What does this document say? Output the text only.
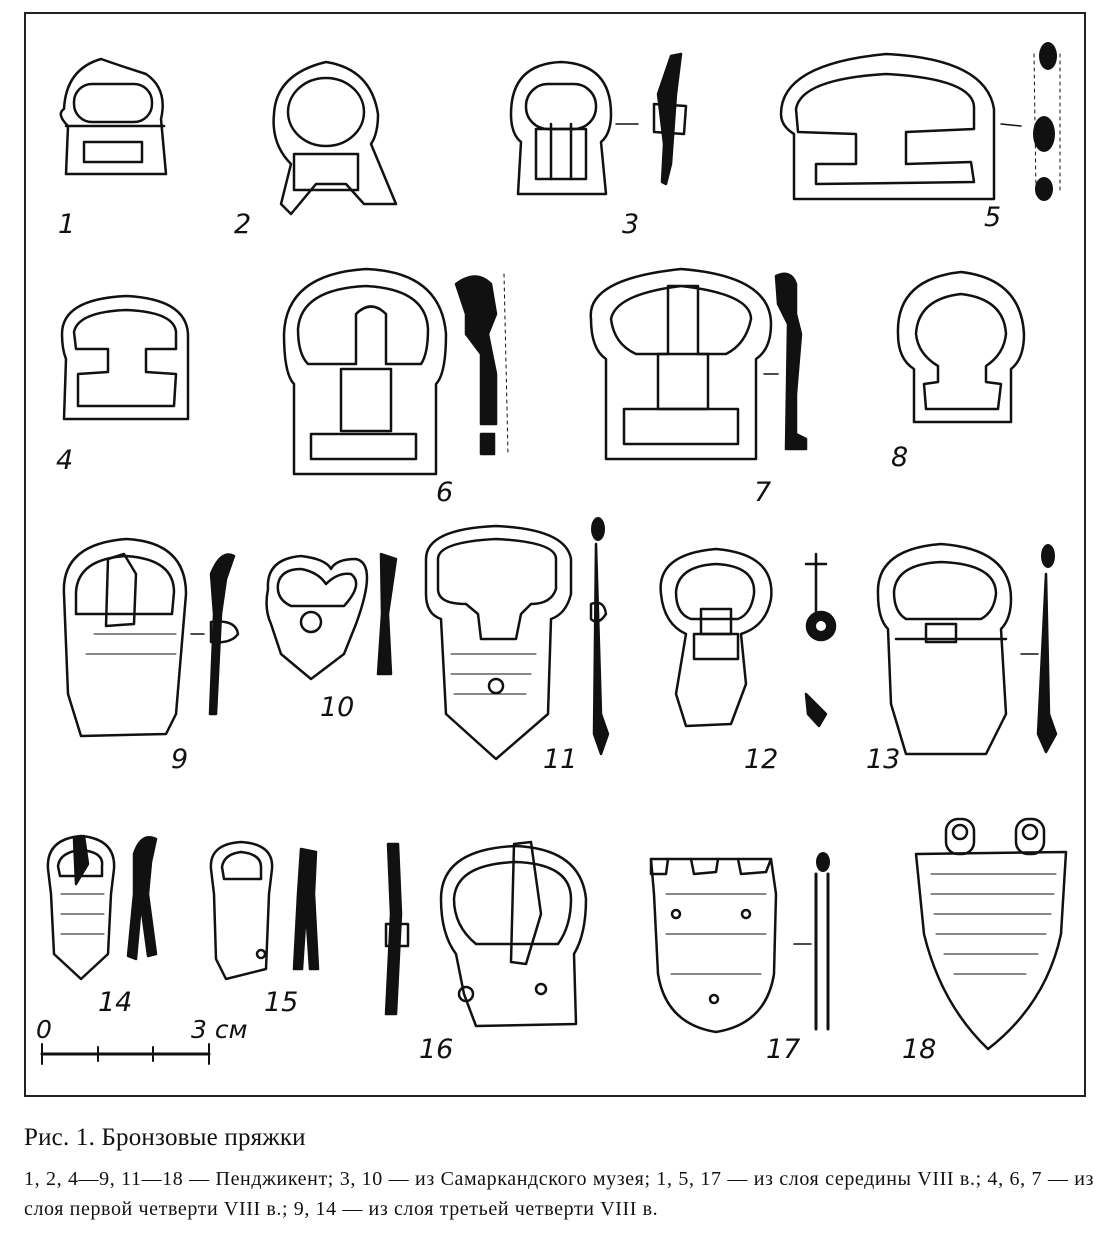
1	2	3	5
4
6	7
8
9
10
11	12	13
14	15
16	17	18
0	3 см
Рис. 1. Бронзовые пряжки
1, 2, 4—9, 11—18 — Пенджикент; 3, 10 — из Самаркандского музея; 1, 5, 17 — из слоя середины VIII в.; 4, 6, 7 — из слоя первой четверти VIII в.; 9, 14 — из слоя третьей четверти VIII в.
